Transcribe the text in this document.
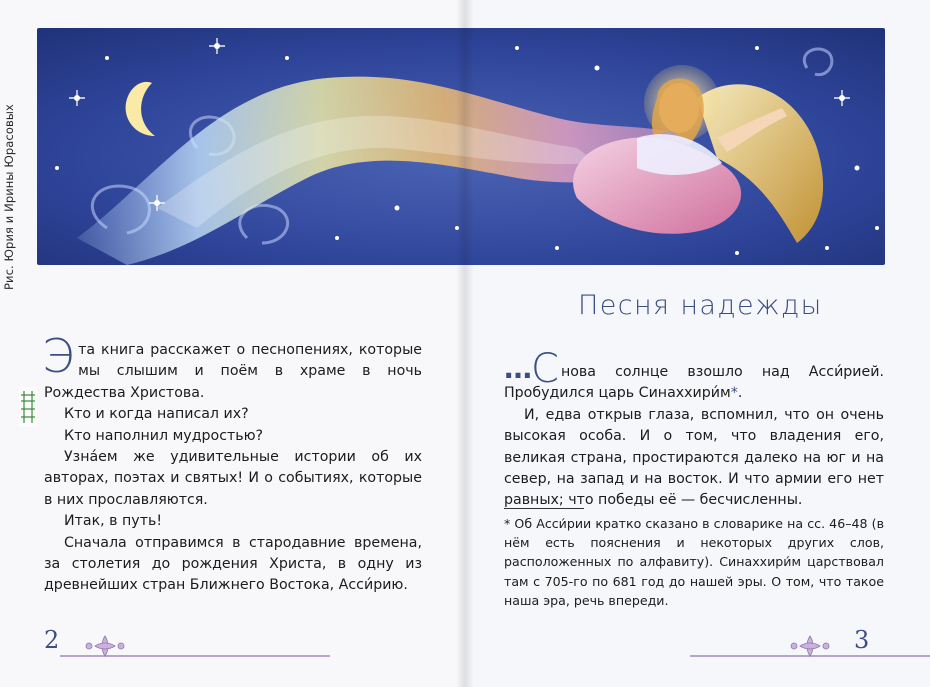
Рис. Юрия и Ирины Юрасовых

Эта книга расскажет о песнопениях, которые мы слышим и поём в храме в ночь Рождества Христова.

Кто и когда написал их?

Кто наполнил мудростью?

Узна́ем же удивительные истории об их авторах, поэтах и святых! И о событиях, которые в них прославляются.

Итак, в путь!

Сначала отправимся в стародавние времена, за столетия до рождения Христа, в одну из древнейших стран Ближнего Востока, Асси́рию.

Песня надежды

…С нова солнце взошло над Асси́рией. Пробудился царь Синаххири́м*.

И, едва открыв глаза, вспомнил, что он очень высокая особа. И о том, что владения его, великая страна, простираются далеко на юг и на север, на запад и на восток. И что армии его нет равных; что победы её — бесчисленны.

* Об Асси́рии кратко сказано в словарике на сс. 46–48 (в нём есть пояснения и некоторых других слов, расположенных по алфавиту). Синаххири́м царствовал там с 705-го по 681 год до нашей эры. О том, что такое наша эра, речь впереди.
2	3
